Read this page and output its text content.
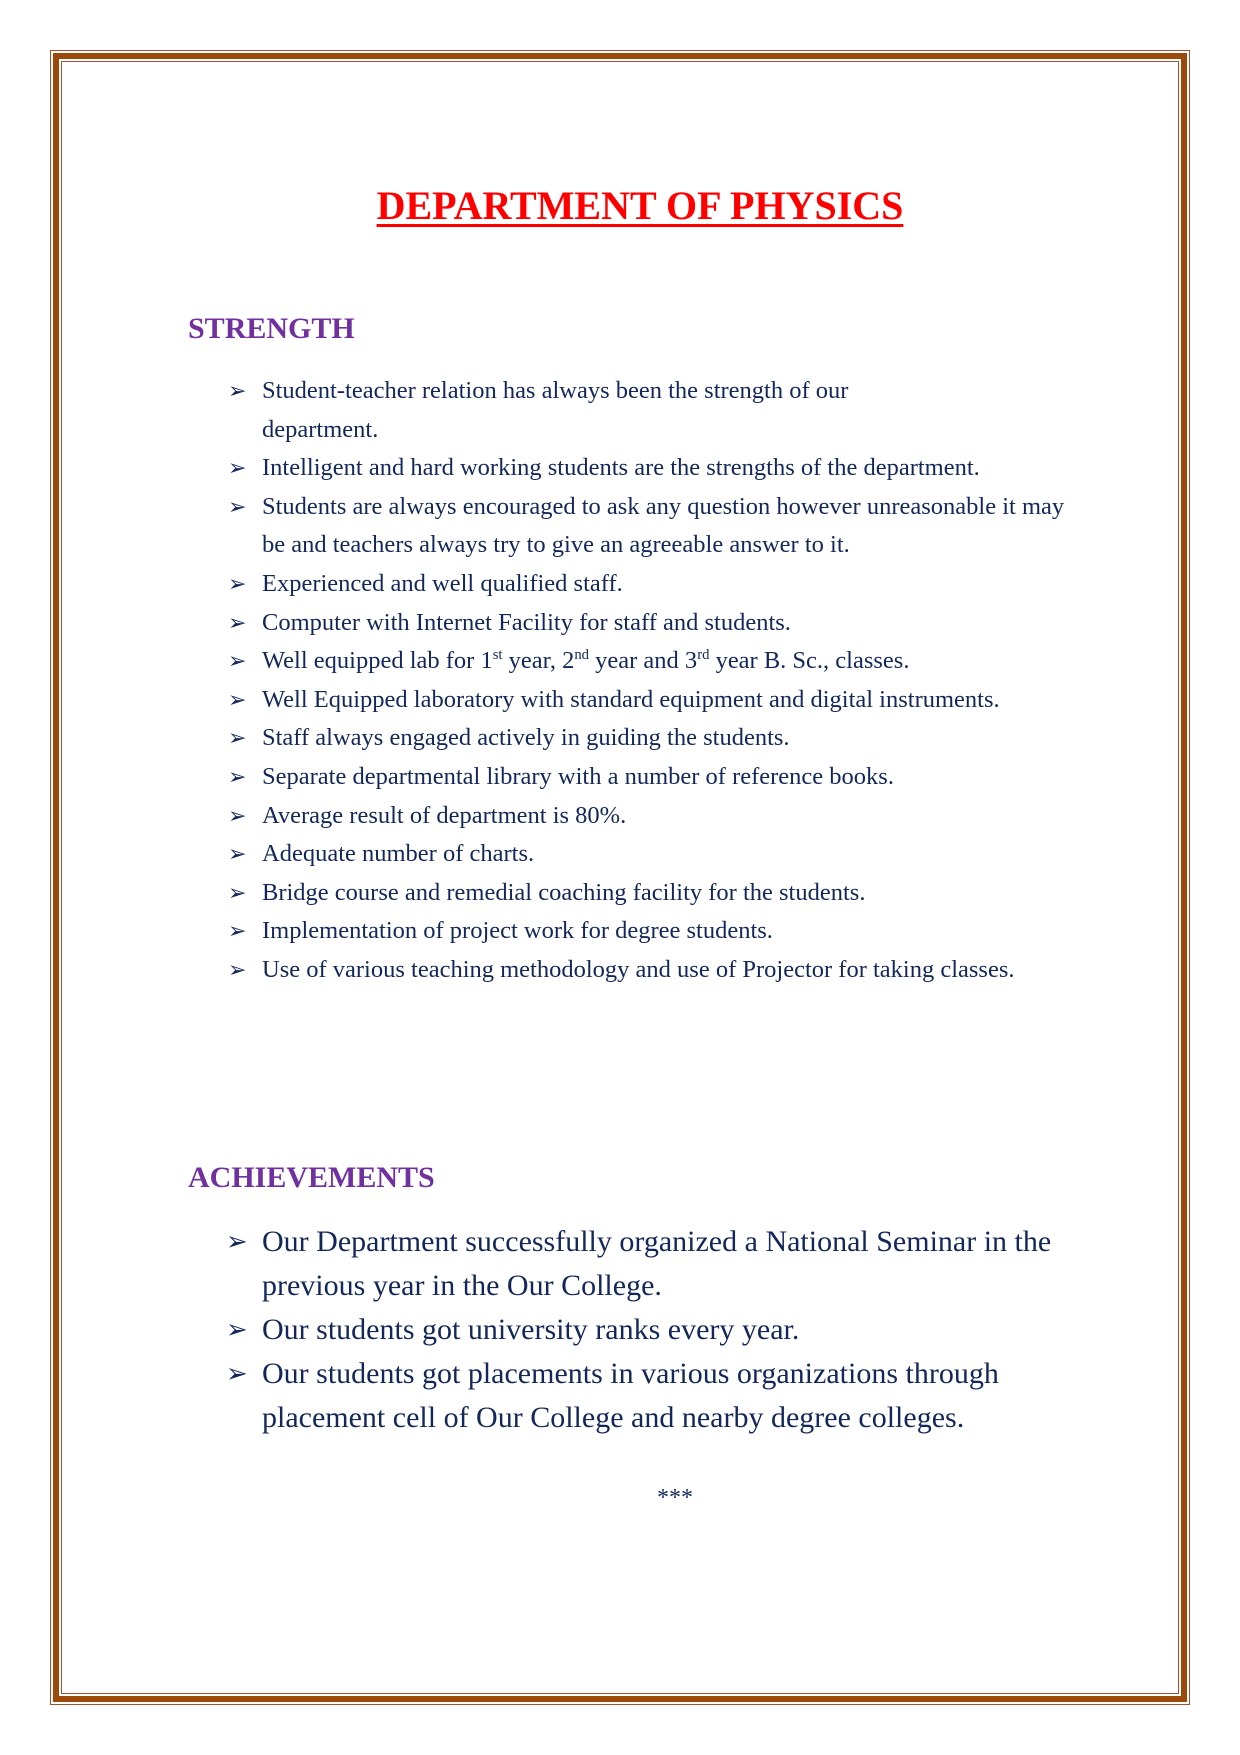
DEPARTMENT OF PHYSICS
STRENGTH
➢ Student-teacher relation has always been the strength of our department.
➢ Intelligent and hard working students are the strengths of the department.
➢ Students are always encouraged to ask any question however unreasonable it may be and teachers always try to give an agreeable answer to it.
➢ Experienced and well qualified staff.
➢ Computer with Internet Facility for staff and students.
➢ Well equipped lab for 1st year, 2nd year and 3rd year B. Sc., classes.
➢ Well Equipped laboratory with standard equipment and digital instruments.
➢ Staff always engaged actively in guiding the students.
➢ Separate departmental library with a number of reference books.
➢ Average result of department is 80%.
➢ Adequate number of charts.
➢ Bridge course and remedial coaching facility for the students.
➢ Implementation of project work for degree students.
➢ Use of various teaching methodology and use of Projector for taking classes.
ACHIEVEMENTS
➢ Our Department successfully organized a National Seminar in the previous year in the Our College.
➢ Our students got university ranks every year.
➢ Our students got placements in various organizations through placement cell of Our College and nearby degree colleges.
***
